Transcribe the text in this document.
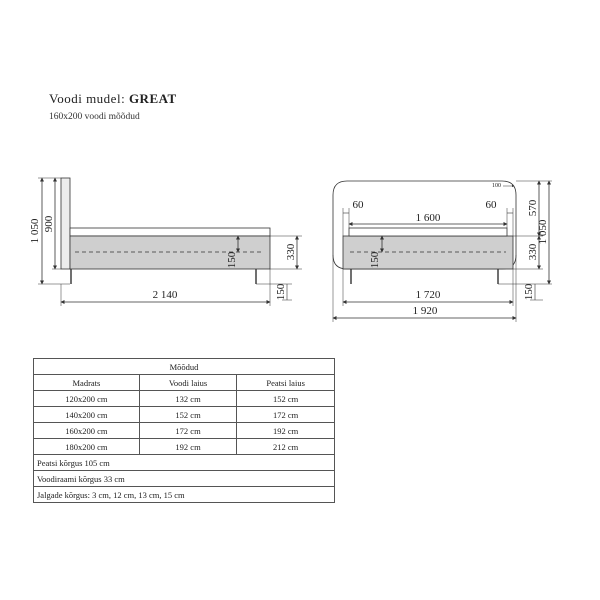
Voodi mudel: GREAT
160x200 voodi mõõdud
1 050 900
2 140
150	330
150
100
60
1 600
60
150
1 720
1 920
570
1 050
330
150
Mõõdud		
Madrats	Voodi laius	Peatsi laius
120x200 cm	132 cm	152 cm
140x200 cm	152 cm	172 cm
160x200 cm	172 cm	192 cm
180x200 cm	192 cm	212 cm
Peatsi kõrgus 105 cm		
Voodiraami kõrgus 33 cm		
Jalgade kõrgus: 3 cm, 12 cm, 13 cm, 15 cm		
